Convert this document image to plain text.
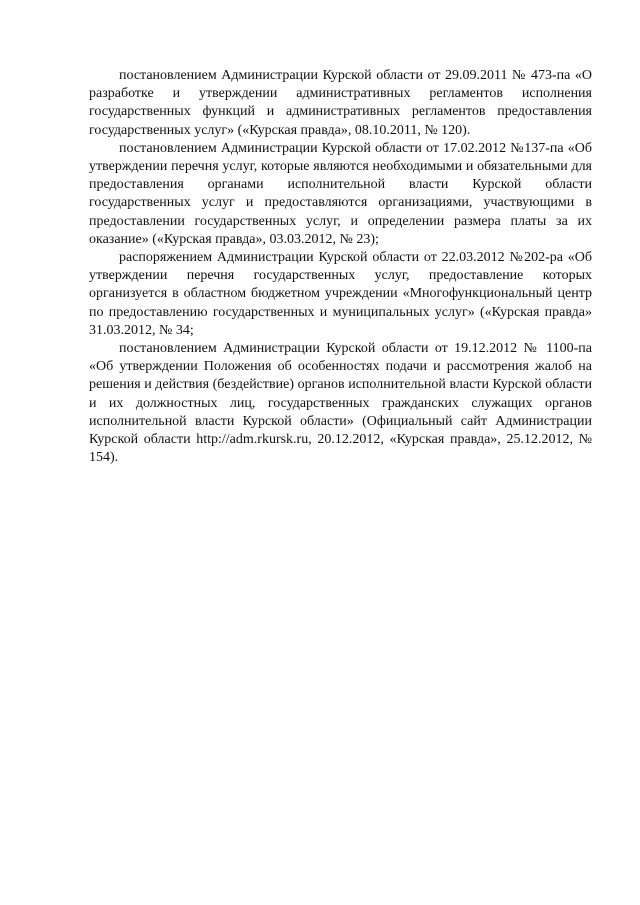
постановлением Администрации Курской области от 29.09.2011 № 473-па «О разработке и утверждении административных регламентов исполнения государственных функций и административных регламентов предоставления государственных услуг» («Курская правда», 08.10.2011, № 120).

постановлением Администрации Курской области от 17.02.2012 №137-па «Об утверждении перечня услуг, которые являются необходимыми и обязательными для предоставления органами исполнительной власти Курской области государственных услуг и предоставляются организациями, участвующими в предоставлении государственных услуг, и определении размера платы за их оказание» («Курская правда», 03.03.2012, № 23);

распоряжением Администрации Курской области от 22.03.2012 №202-ра «Об утверждении перечня государственных услуг, предоставление которых организуется в областном бюджетном учреждении «Многофункциональный центр по предоставлению государственных и муниципальных услуг» («Курская правда» 31.03.2012, № 34;

постановлением Администрации Курской области от 19.12.2012 № 1100-па «Об утверждении Положения об особенностях подачи и рассмотрения жалоб на решения и действия (бездействие) органов исполнительной власти Курской области и их должностных лиц, государственных гражданских служащих органов исполнительной власти Курской области» (Официальный сайт Администрации Курской области http://adm.rkursk.ru, 20.12.2012, «Курская правда», 25.12.2012, № 154).
